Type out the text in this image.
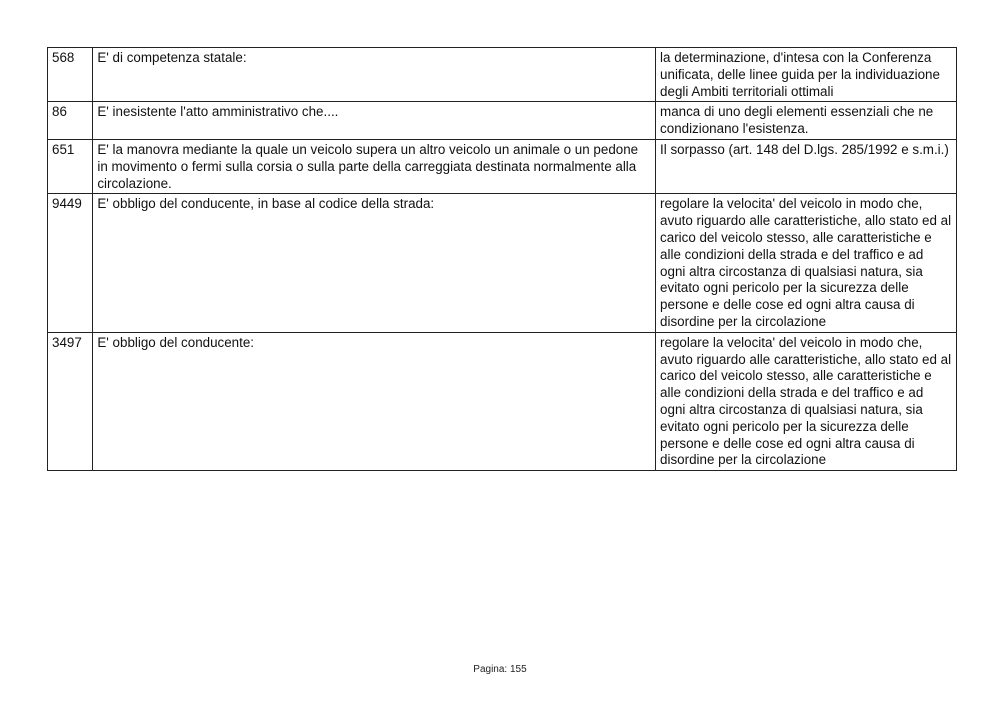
568	E' di competenza statale:	la determinazione, d'intesa con la Conferenza unificata, delle linee guida per la individuazione degli Ambiti territoriali ottimali
86	E' inesistente l'atto amministrativo che....	manca di uno degli elementi essenziali che ne condizionano l'esistenza.
651	E' la manovra mediante la quale un veicolo supera un altro veicolo un animale o un pedone in movimento o fermi sulla corsia o sulla parte della carreggiata destinata normalmente alla circolazione.	Il sorpasso (art. 148 del D.lgs. 285/1992 e s.m.i.)
9449	E' obbligo del conducente, in base al codice della strada:	regolare la velocita' del veicolo in modo che, avuto riguardo alle caratteristiche, allo stato ed al carico del veicolo stesso, alle caratteristiche e alle condizioni della strada e del traffico e ad ogni altra circostanza di qualsiasi natura, sia evitato ogni pericolo per la sicurezza delle persone e delle cose ed ogni altra causa di disordine per la circolazione
3497	E' obbligo del conducente:	regolare la velocita' del veicolo in modo che, avuto riguardo alle caratteristiche, allo stato ed al carico del veicolo stesso, alle caratteristiche e alle condizioni della strada e del traffico e ad ogni altra circostanza di qualsiasi natura, sia evitato ogni pericolo per la sicurezza delle persone e delle cose ed ogni altra causa di disordine per la circolazione
Pagina: 155
